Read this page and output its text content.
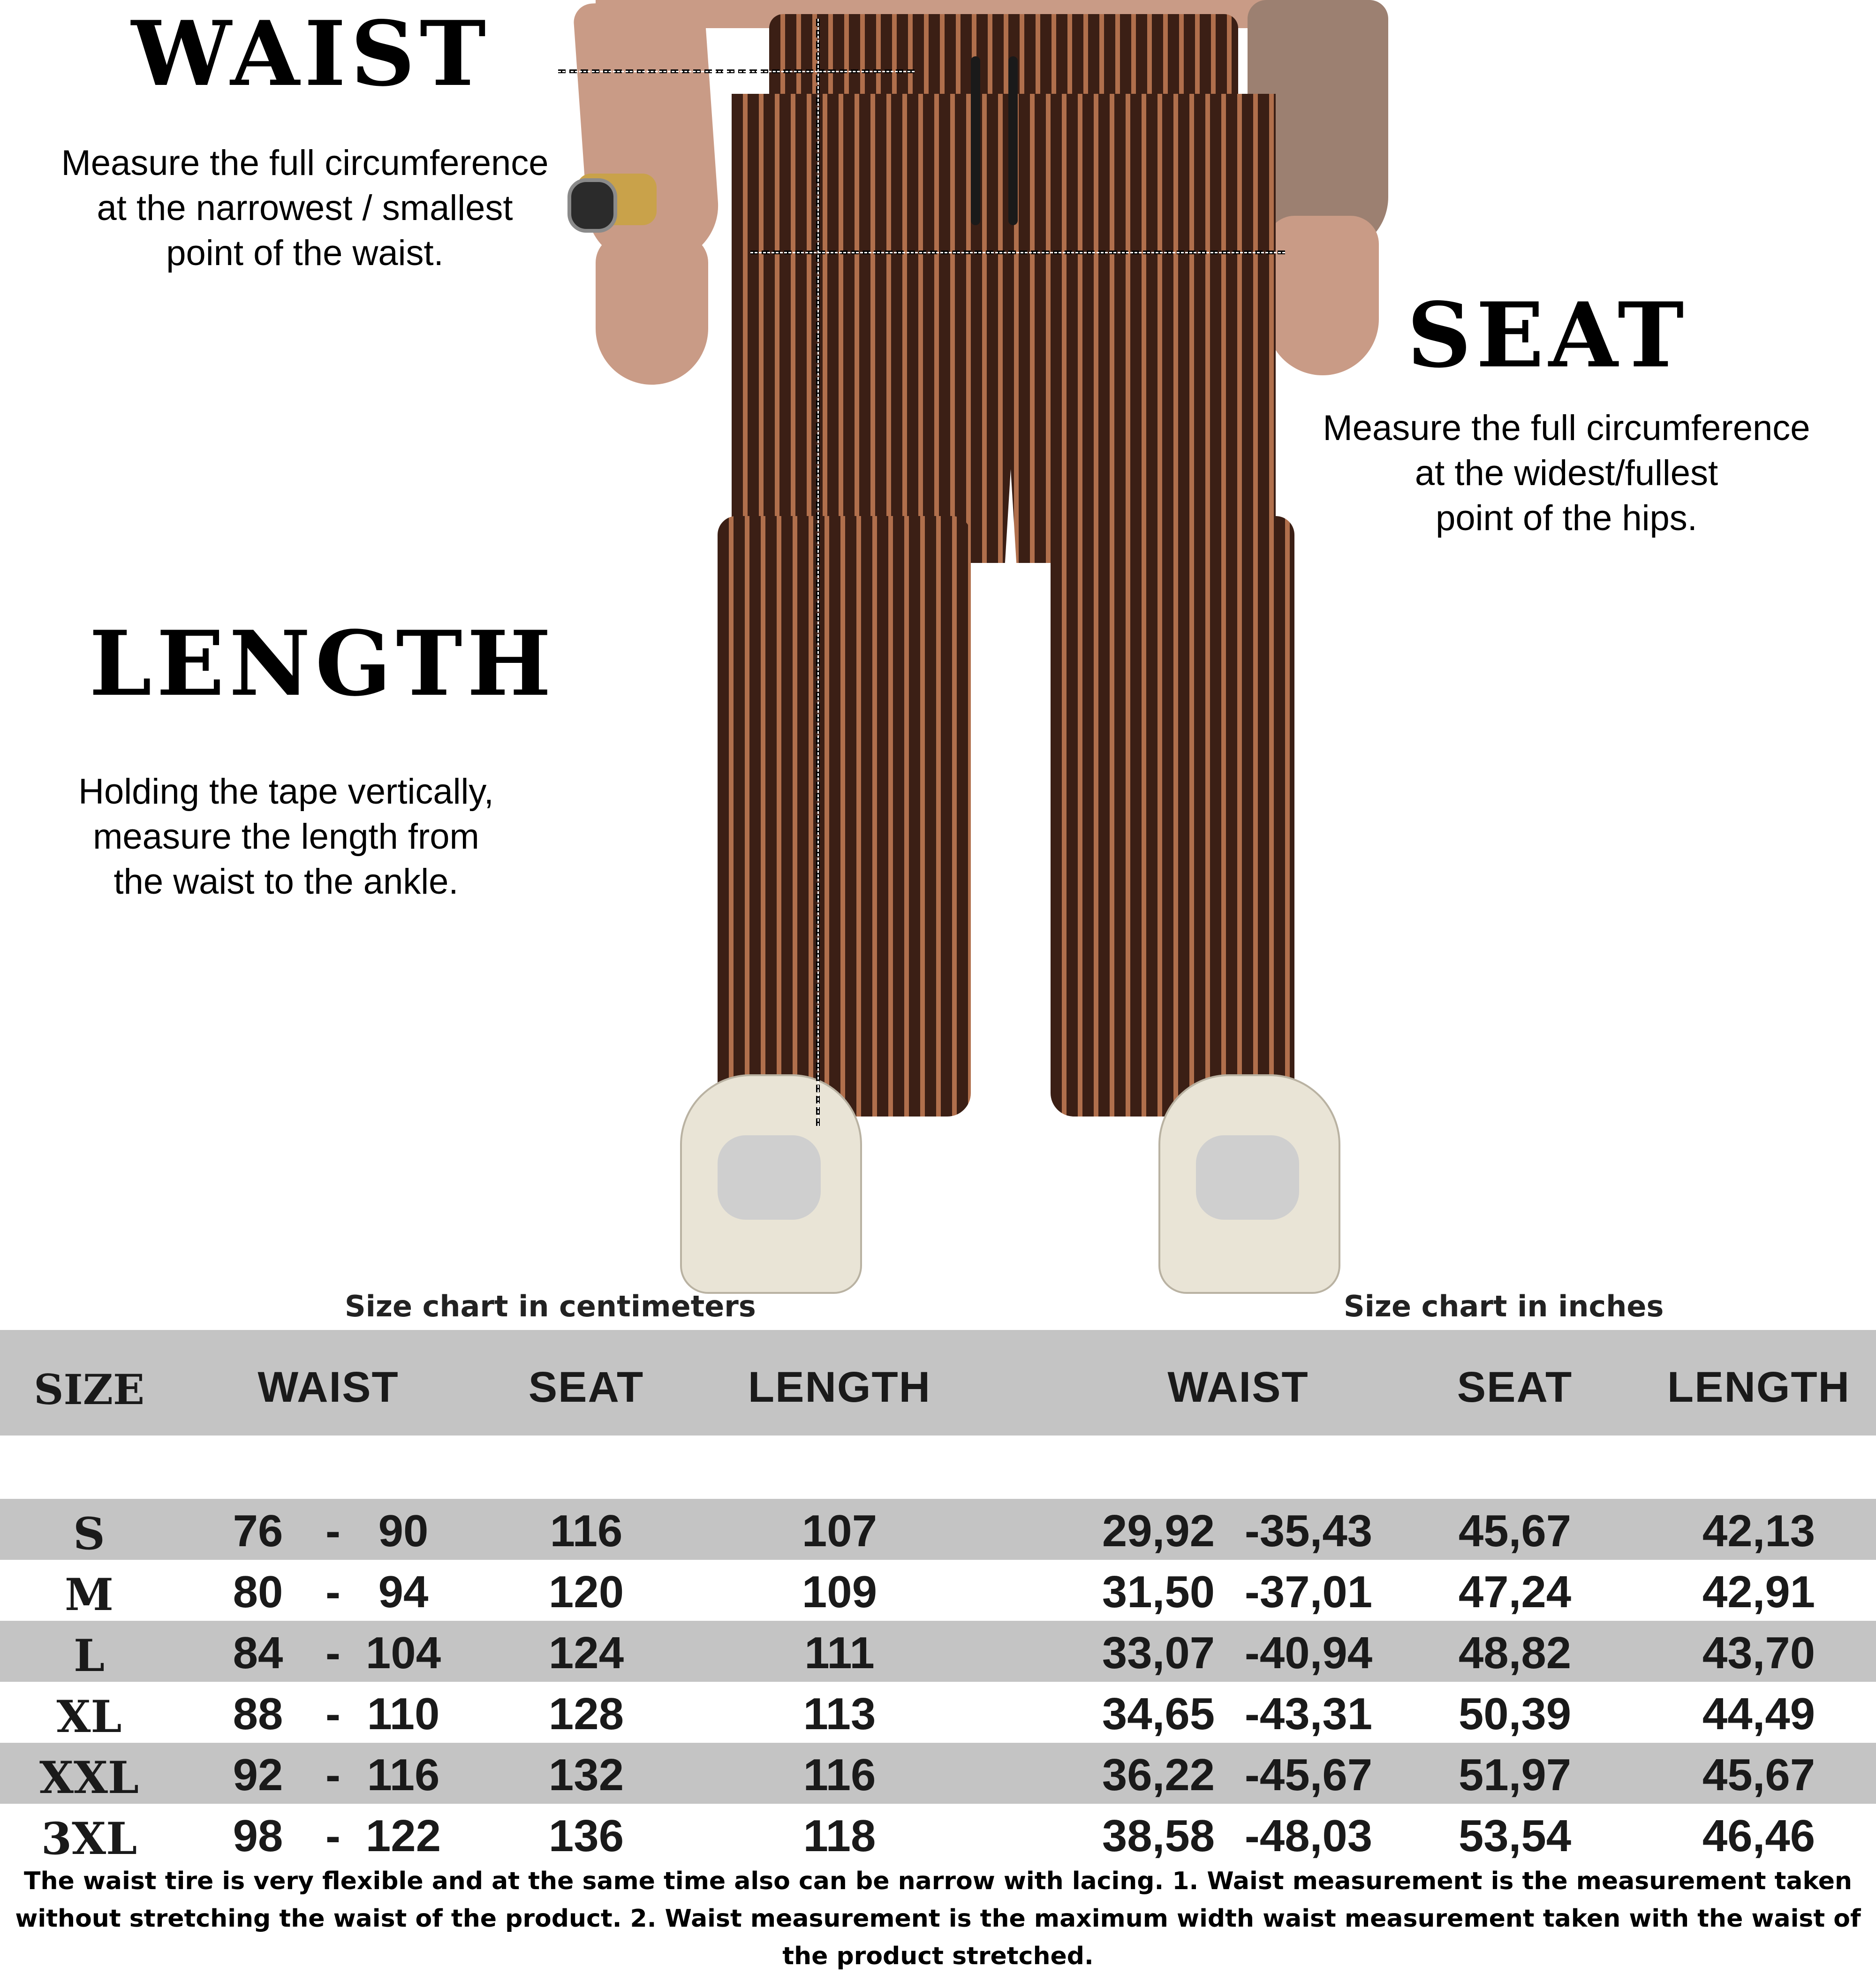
WAIST
Measure the full circumference
at the narrowest / smallest
point of the waist.
SEAT
Measure the full circumference
at the widest/fullest
point of the hips.
LENGTH
Holding the tape vertically,
measure the length from
the waist to the ankle.
Size chart in centimeters	Size chart in inches
SIZE	WAIST	SEAT	LENGTH	WAIST	SEAT	LENGTH
S	76 - 90	116	107	29,92 -35,43	45,67	42,13
M	80 - 94	120	109	31,50 -37,01	47,24	42,91
L	84 - 104	124	111	33,07 -40,94	48,82	43,70
XL	88 - 110	128	113	34,65 -43,31	50,39	44,49
XXL	92 - 116	132	116	36,22 -45,67	51,97	45,67
3XL	98 - 122	136	118	38,58 -48,03	53,54	46,46
The waist tire is very flexible and at the same time also can be narrow with lacing. 1. Waist measurement is the measurement taken without stretching the waist of the product. 2. Waist measurement is the maximum width waist measurement taken with the waist of the product stretched.
